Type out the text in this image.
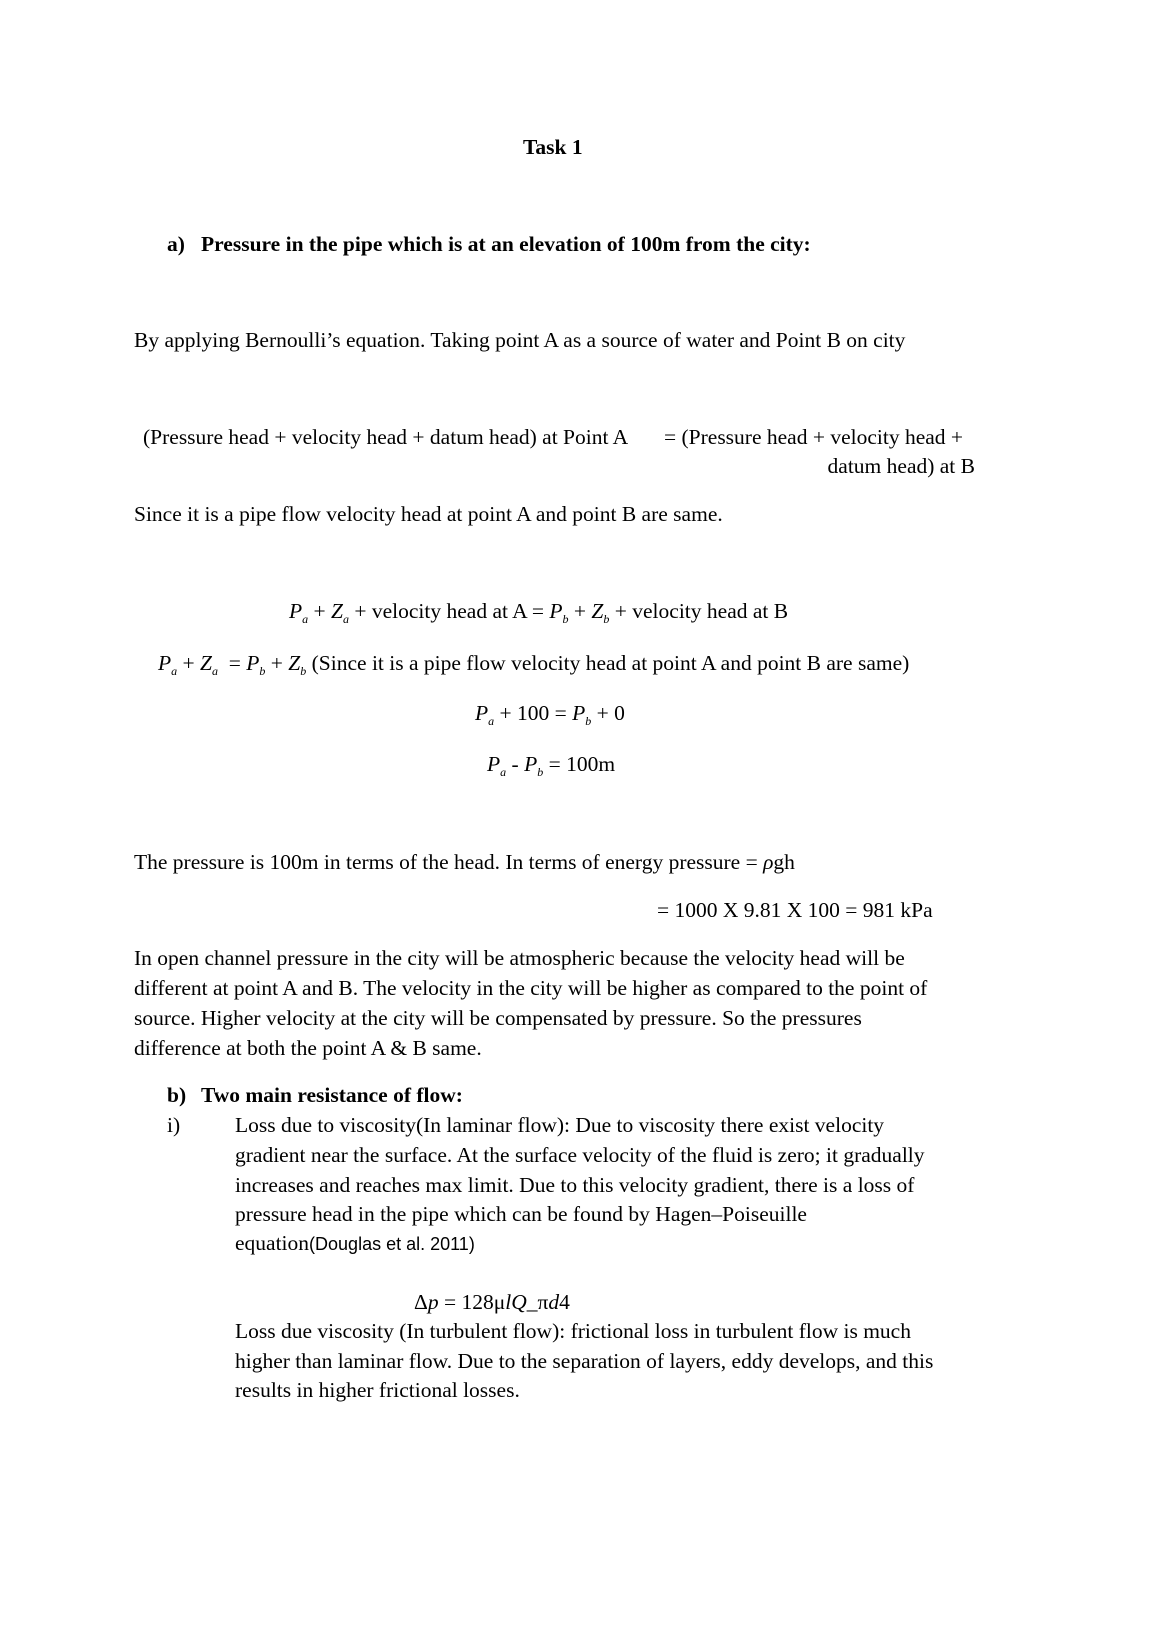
Task 1
a) Pressure in the pipe which is at an elevation of 100m from the city:
By applying Bernoulli’s equation. Taking point A as a source of water and Point B on city
(Pressure head + velocity head + datum head) at Point A = (Pressure head + velocity head +
datum head) at B
Since it is a pipe flow velocity head at point A and point B are same.
$P_a + Z_a$ + velocity head at $A = P_b + Z_b$ + velocity head at B
$P_a + Z_a = P_b + Z_b$ (Since it is a pipe flow velocity head at point A and point B are same)
$P_a + 100 = P_b + 0$
$P_a - P_b = 100m$
The pressure is 100m in terms of the head. In terms of energy pressure = ρgh
= 1000 X 9.81 X 100 = 981 kPa
In open channel pressure in the city will be atmospheric because the velocity head will be
different at point A and B. The velocity in the city will be higher as compared to the point of
source. Higher velocity at the city will be compensated by pressure. So the pressures
difference at both the point A & B same.
b) Two main resistance of flow:
i)	Loss due to viscosity(In laminar flow): Due to viscosity there exist velocity
gradient near the surface. At the surface velocity of the fluid is zero; it gradually
increases and reaches max limit. Due to this velocity gradient, there is a loss of
pressure head in the pipe which can be found by Hagen–Poiseuille
equation(Douglas et al. 2011)
Δp = 128μlQ_πd4
Loss due viscosity (In turbulent flow): frictional loss in turbulent flow is much
higher than laminar flow. Due to the separation of layers, eddy develops, and this
results in higher frictional losses.
